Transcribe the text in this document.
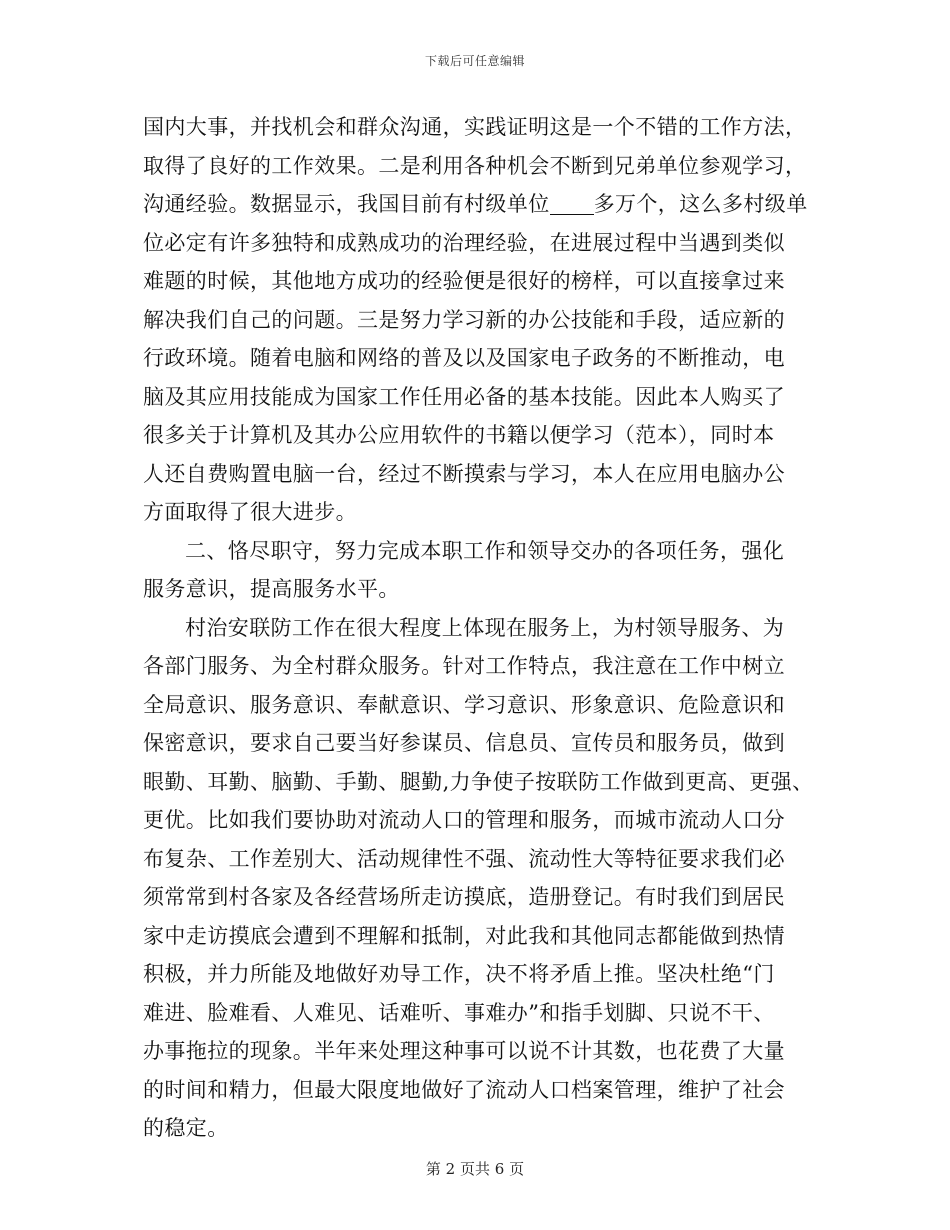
下载后可任意编辑
国内大事，并找机会和群众沟通，实践证明这是一个不错的工作方法，
取得了良好的工作效果。二是利用各种机会不断到兄弟单位参观学习，
沟通经验。数据显示，我国目前有村级单位 多万个，这么多村级单
位必定有许多独特和成熟成功的治理经验，在进展过程中当遇到类似
难题的时候，其他地方成功的经验便是很好的榜样，可以直接拿过来
解决我们自己的问题。三是努力学习新的办公技能和手段，适应新的
行政环境。随着电脑和网络的普及以及国家电子政务的不断推动，电
脑及其应用技能成为国家工作任用必备的基本技能。因此本人购买了
很多关于计算机及其办公应用软件的书籍以便学习（范本），同时本
人还自费购置电脑一台，经过不断摸索与学习，本人在应用电脑办公
方面取得了很大进步。
二、恪尽职守，努力完成本职工作和领导交办的各项任务，强化
服务意识，提高服务水平。
村治安联防工作在很大程度上体现在服务上，为村领导服务、为
各部门服务、为全村群众服务。针对工作特点，我注意在工作中树立
全局意识、服务意识、奉献意识、学习意识、形象意识、危险意识和
保密意识，要求自己要当好参谋员、信息员、宣传员和服务员，做到
眼勤、耳勤、脑勤、手勤、腿勤,力争使子按联防工作做到更高、更强、
更优。比如我们要协助对流动人口的管理和服务，而城市流动人口分
布复杂、工作差别大、活动规律性不强、流动性大等特征要求我们必
须常常到村各家及各经营场所走访摸底，造册登记。有时我们到居民
家中走访摸底会遭到不理解和抵制，对此我和其他同志都能做到热情
积极，并力所能及地做好劝导工作，决不将矛盾上推。坚决杜绝“门
难进、脸难看、人难见、话难听、事难办”和指手划脚、只说不干、
办事拖拉的现象。半年来处理这种事可以说不计其数，也花费了大量
的时间和精力，但最大限度地做好了流动人口档案管理，维护了社会
的稳定。
第 2 页共 6 页
